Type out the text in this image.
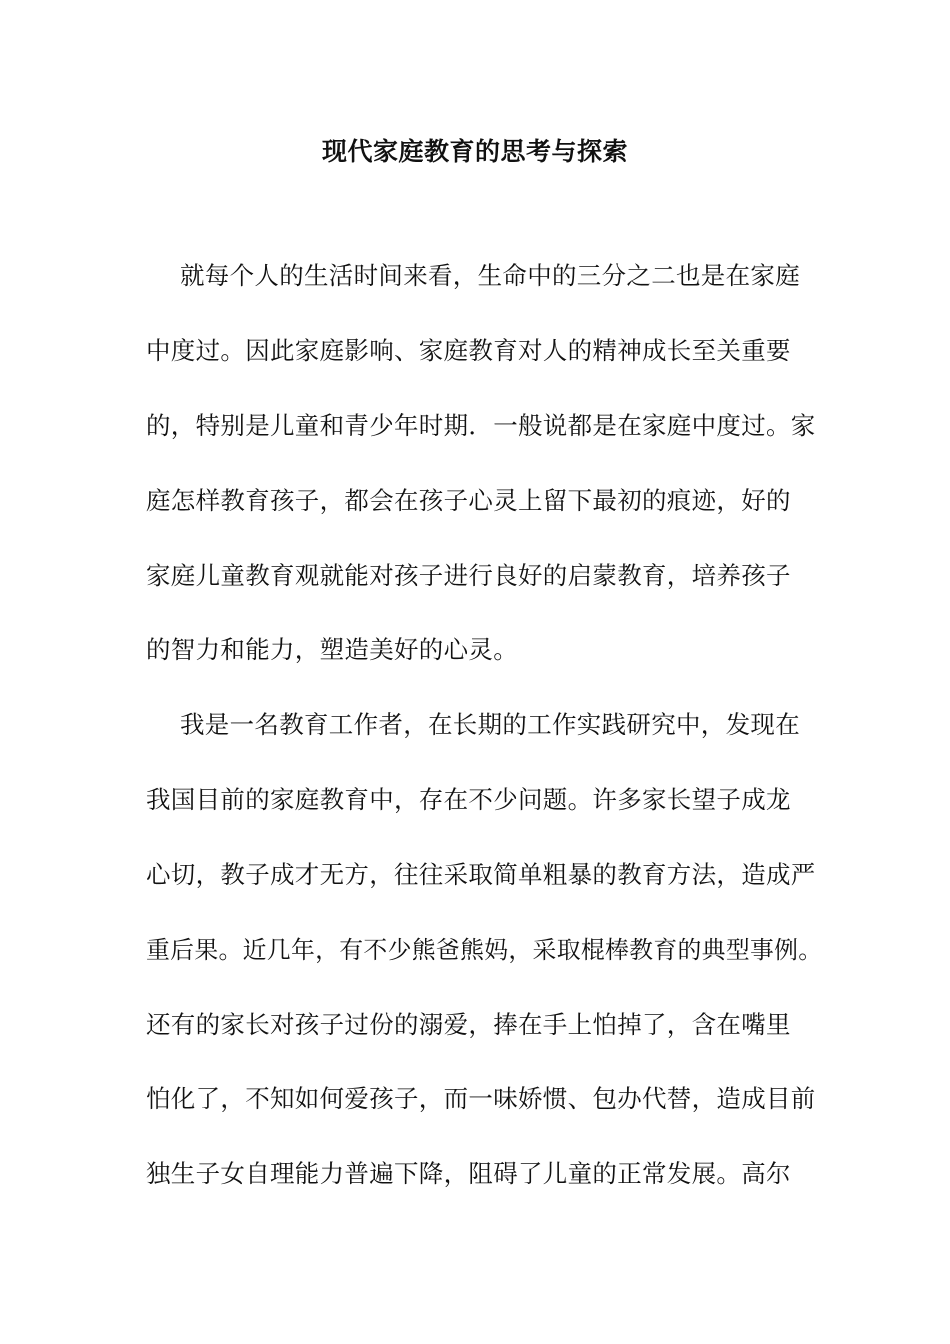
现代家庭教育的思考与探索
就每个人的生活时间来看，生命中的三分之二也是在家庭
中度过。因此家庭影响、家庭教育对人的精神成长至关重要
的，特别是儿童和青少年时期．一般说都是在家庭中度过。家
庭怎样教育孩子，都会在孩子心灵上留下最初的痕迹，好的
家庭儿童教育观就能对孩子进行良好的启蒙教育，培养孩子
的智力和能力，塑造美好的心灵。
我是一名教育工作者，在长期的工作实践研究中，发现在
我国目前的家庭教育中，存在不少问题。许多家长望子成龙
心切，教子成才无方，往往采取简单粗暴的教育方法，造成严
重后果。近几年，有不少熊爸熊妈，采取棍棒教育的典型事例。
还有的家长对孩子过份的溺爱，捧在手上怕掉了，含在嘴里
怕化了，不知如何爱孩子，而一味娇惯、包办代替，造成目前
独生子女自理能力普遍下降，阻碍了儿童的正常发展。高尔
